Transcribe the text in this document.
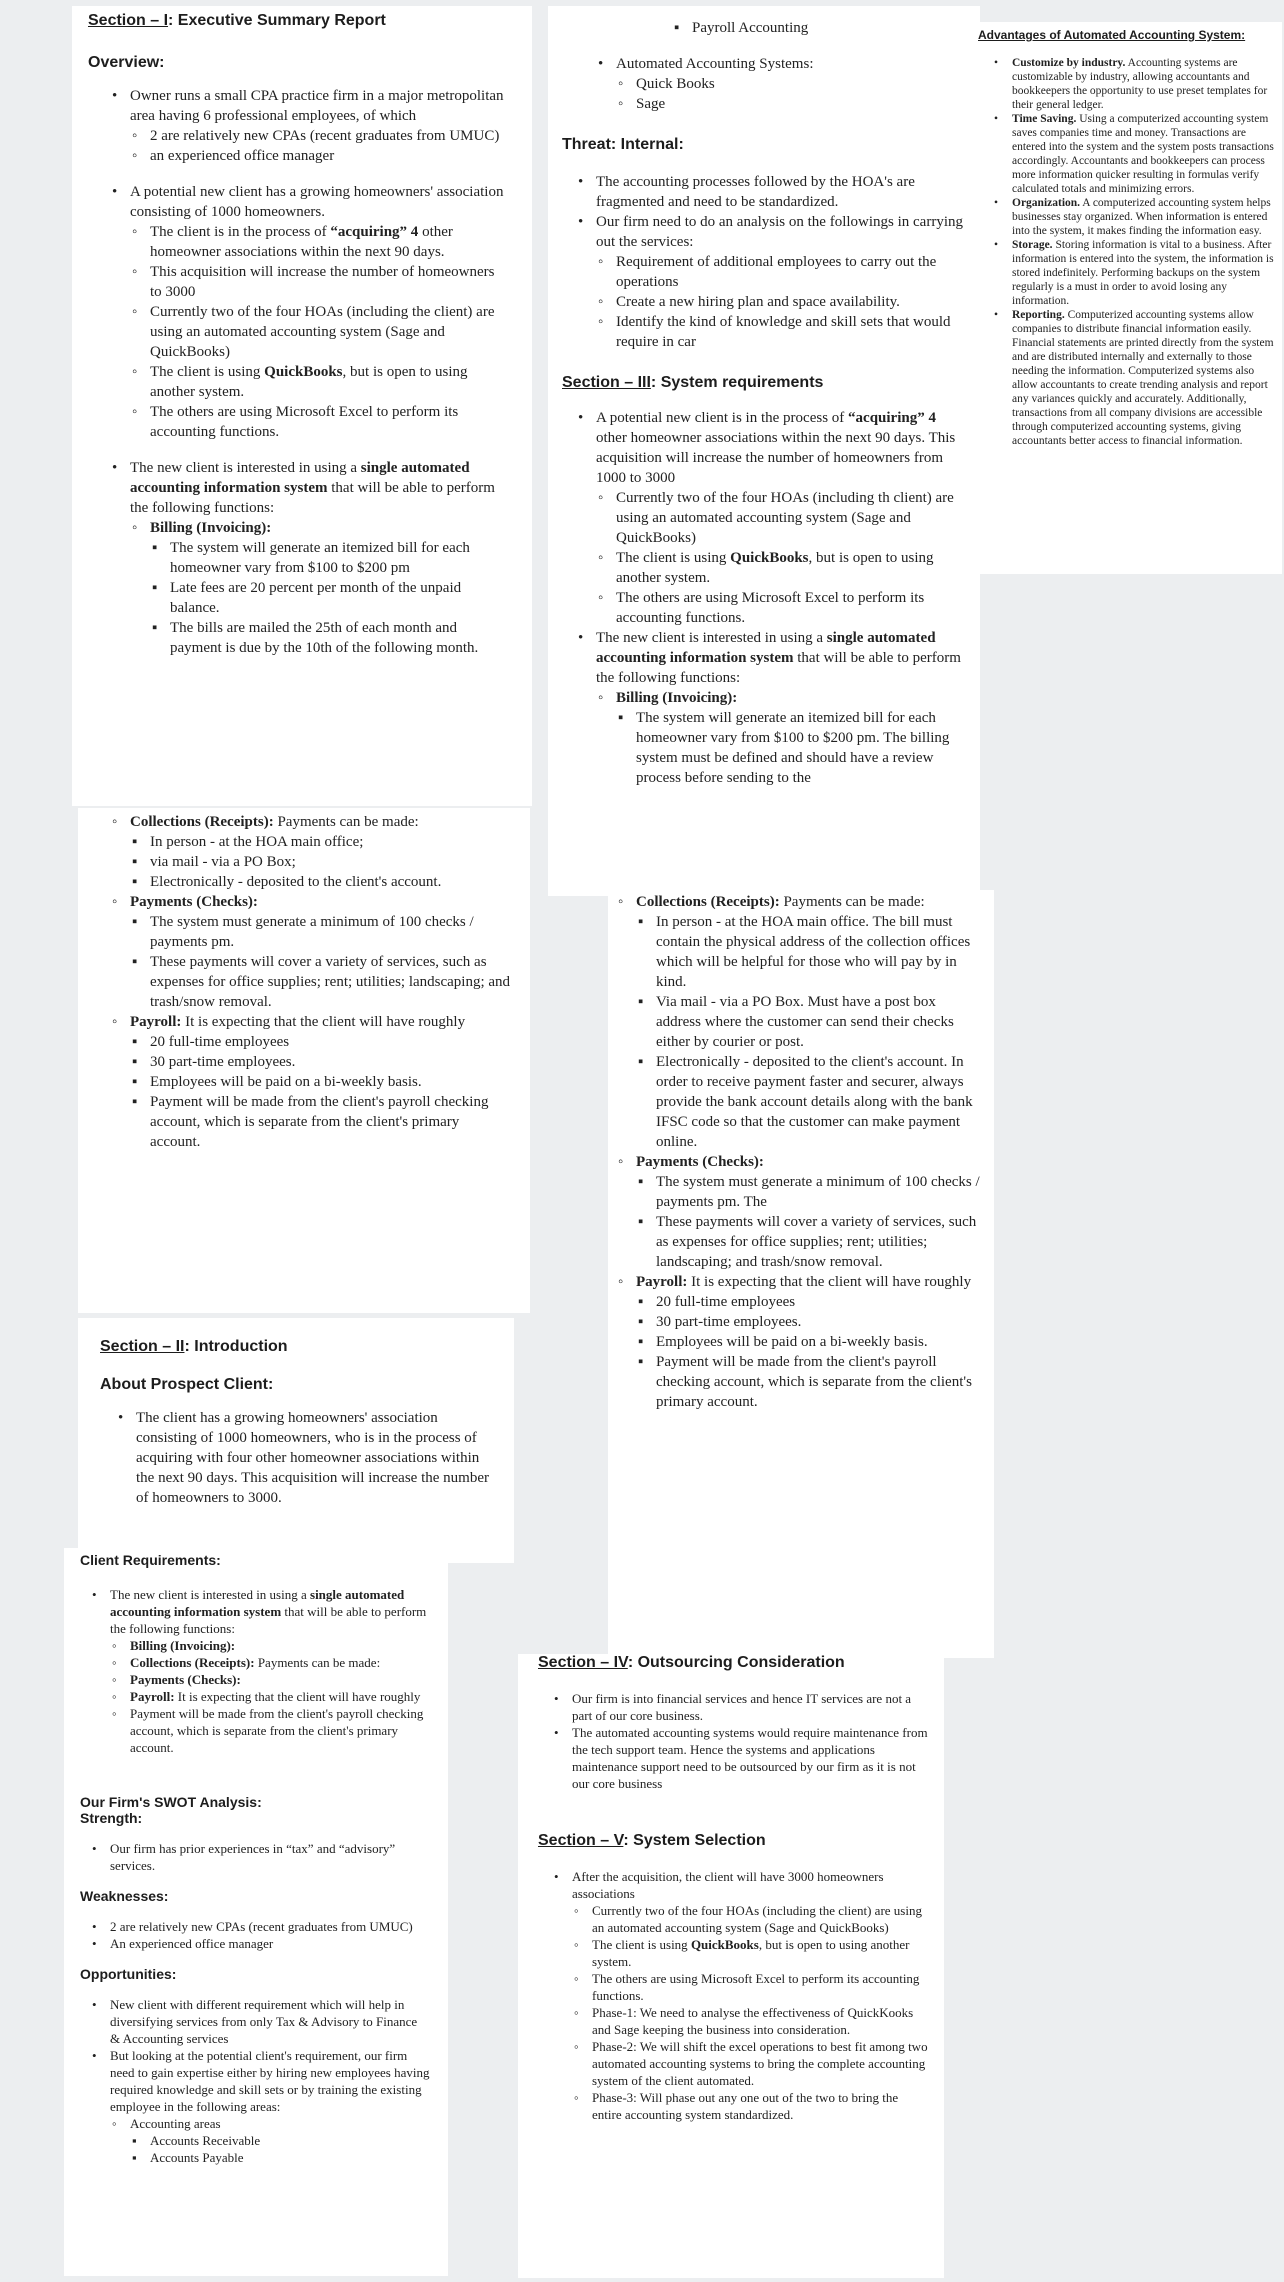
Section – I: Executive Summary Report
Overview:
• Owner runs a small CPA practice firm in a major metropolitan area having 6 professional employees, of which
◦ 2 are relatively new CPAs (recent graduates from UMUC)
◦ an experienced office manager
• A potential new client has a growing homeowners' association consisting of 1000 homeowners.
◦ The client is in the process of “acquiring” 4 other homeowner associations within the next 90 days.
◦ This acquisition will increase the number of homeowners to 3000
◦ Currently two of the four HOAs (including the client) are using an automated accounting system (Sage and QuickBooks)
◦ The client is using QuickBooks, but is open to using another system.
◦ The others are using Microsoft Excel to perform its accounting functions.
• The new client is interested in using a single automated accounting information system that will be able to perform the following functions:
◦ Billing (Invoicing):
▪ The system will generate an itemized bill for each homeowner vary from $100 to $200 pm
▪ Late fees are 20 percent per month of the unpaid balance.
▪ The bills are mailed the 25th of each month and payment is due by the 10th of the following month.
◦ Collections (Receipts): Payments can be made:
▪ In person - at the HOA main office;
▪ via mail - via a PO Box;
▪ Electronically - deposited to the client's account.
◦ Payments (Checks):
▪ The system must generate a minimum of 100 checks / payments pm.
▪ These payments will cover a variety of services, such as expenses for office supplies; rent; utilities; landscaping; and trash/snow removal.
◦ Payroll: It is expecting that the client will have roughly
▪ 20 full-time employees
▪ 30 part-time employees.
▪ Employees will be paid on a bi-weekly basis.
▪ Payment will be made from the client's payroll checking account, which is separate from the client's primary account.
Section – II: Introduction
About Prospect Client:
• The client has a growing homeowners' association consisting of 1000 homeowners, who is in the process of acquiring with four other homeowner associations within the next 90 days. This acquisition will increase the number of homeowners to 3000.
Client Requirements:
• The new client is interested in using a single automated accounting information system that will be able to perform the following functions:
◦ Billing (Invoicing):
◦ Collections (Receipts): Payments can be made:
◦ Payments (Checks):
◦ Payroll: It is expecting that the client will have roughly
◦ Payment will be made from the client's payroll checking account, which is separate from the client's primary account.
Our Firm's SWOT Analysis:
Strength:
• Our firm has prior experiences in “tax” and “advisory” services.
Weaknesses:
• 2 are relatively new CPAs (recent graduates from UMUC)
• An experienced office manager
Opportunities:
• New client with different requirement which will help in diversifying services from only Tax & Advisory to Finance & Accounting services
• But looking at the potential client's requirement, our firm need to gain expertise either by hiring new employees having required knowledge and skill sets or by training the existing employee in the following areas:
◦ Accounting areas
▪ Accounts Receivable
▪ Accounts Payable
▪ Payroll Accounting
• Automated Accounting Systems:
◦ Quick Books
◦ Sage
Threat: Internal:
• The accounting processes followed by the HOA's are fragmented and need to be standardized.
• Our firm need to do an analysis on the followings in carrying out the services:
◦ Requirement of additional employees to carry out the operations
◦ Create a new hiring plan and space availability.
◦ Identify the kind of knowledge and skill sets that would require in car
Section – III: System requirements
• A potential new client is in the process of “acquiring” 4 other homeowner associations within the next 90 days. This acquisition will increase the number of homeowners from 1000 to 3000
◦ Currently two of the four HOAs (including th client) are using an automated accounting system (Sage and QuickBooks)
◦ The client is using QuickBooks, but is open to using another system.
◦ The others are using Microsoft Excel to perform its accounting functions.
• The new client is interested in using a single automated accounting information system that will be able to perform the following functions:
◦ Billing (Invoicing):
▪ The system will generate an itemized bill for each homeowner vary from $100 to $200 pm. The billing system must be defined and should have a review process before sending to the
◦ Collections (Receipts): Payments can be made:
▪ In person - at the HOA main office. The bill must contain the physical address of the collection offices which will be helpful for those who will pay by in kind.
▪ Via mail - via a PO Box. Must have a post box address where the customer can send their checks either by courier or post.
▪ Electronically - deposited to the client's account. In order to receive payment faster and securer, always provide the bank account details along with the bank IFSC code so that the customer can make payment online.
◦ Payments (Checks):
▪ The system must generate a minimum of 100 checks / payments pm. The
▪ These payments will cover a variety of services, such as expenses for office supplies; rent; utilities; landscaping; and trash/snow removal.
◦ Payroll: It is expecting that the client will have roughly
▪ 20 full-time employees
▪ 30 part-time employees.
▪ Employees will be paid on a bi-weekly basis.
▪ Payment will be made from the client's payroll checking account, which is separate from the client's primary account.
Section – IV: Outsourcing Consideration
• Our firm is into financial services and hence IT services are not a part of our core business.
• The automated accounting systems would require maintenance from the tech support team. Hence the systems and applications maintenance support need to be outsourced by our firm as it is not our core business
Section – V: System Selection
• After the acquisition, the client will have 3000 homeowners associations
◦ Currently two of the four HOAs (including the client) are using an automated accounting system (Sage and QuickBooks)
◦ The client is using QuickBooks, but is open to using another system.
◦ The others are using Microsoft Excel to perform its accounting functions.
◦ Phase-1: We need to analyse the effectiveness of QuickKooks and Sage keeping the business into consideration.
◦ Phase-2: We will shift the excel operations to best fit among two automated accounting systems to bring the complete accounting system of the client automated.
◦ Phase-3: Will phase out any one out of the two to bring the entire accounting system standardized.
Advantages of Automated Accounting System:
• Customize by industry. Accounting systems are customizable by industry, allowing accountants and bookkeepers the opportunity to use preset templates for their general ledger.
• Time Saving. Using a computerized accounting system saves companies time and money. Transactions are entered into the system and the system posts transactions accordingly. Accountants and bookkeepers can process more information quicker resulting in formulas verify calculated totals and minimizing errors.
• Organization. A computerized accounting system helps businesses stay organized. When information is entered into the system, it makes finding the information easy.
• Storage. Storing information is vital to a business. After information is entered into the system, the information is stored indefinitely. Performing backups on the system regularly is a must in order to avoid losing any information.
• Reporting. Computerized accounting systems allow companies to distribute financial information easily. Financial statements are printed directly from the system and are distributed internally and externally to those needing the information. Computerized systems also allow accountants to create trending analysis and report any variances quickly and accurately. Additionally, transactions from all company divisions are accessible through computerized accounting systems, giving accountants better access to financial information.
